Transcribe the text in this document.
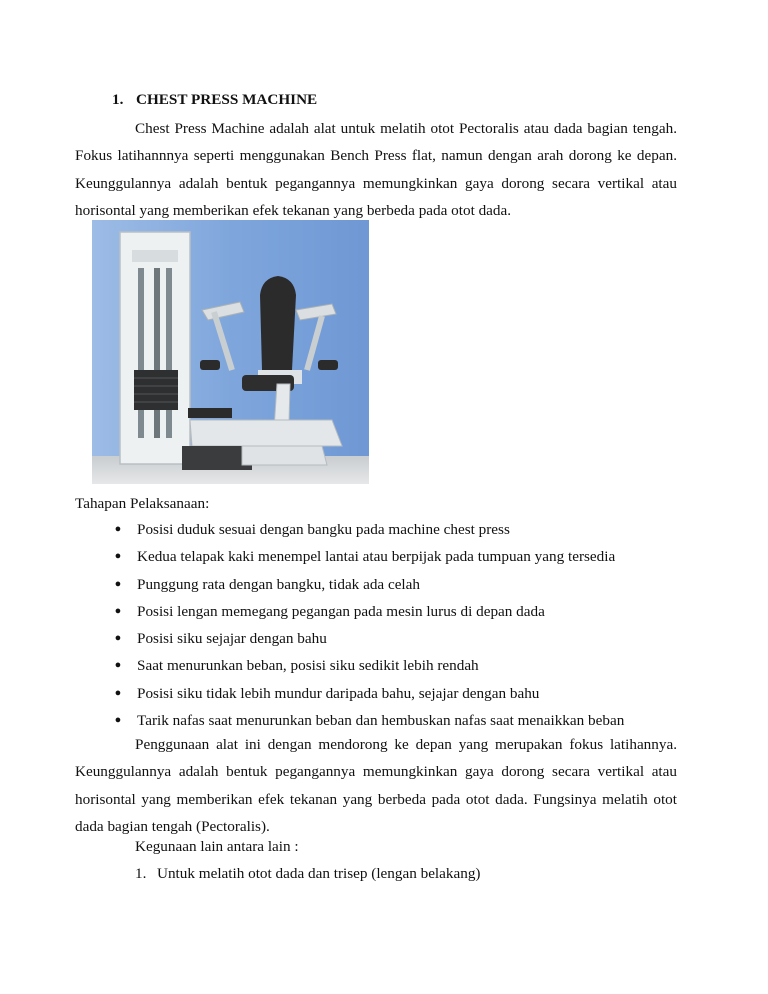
1. CHEST PRESS MACHINE

Chest Press Machine adalah alat untuk melatih otot Pectoralis atau dada bagian tengah. Fokus latihannnya seperti menggunakan Bench Press flat, namun dengan arah dorong ke depan. Keunggulannya adalah bentuk pegangannya memungkinkan gaya dorong secara vertikal atau horisontal yang memberikan efek tekanan yang berbeda pada otot dada.

Tahapan Pelaksanaan:
● Posisi duduk sesuai dengan bangku pada machine chest press
● Kedua telapak kaki menempel lantai atau berpijak pada tumpuan yang tersedia
● Punggung rata dengan bangku, tidak ada celah
● Posisi lengan memegang pegangan pada mesin lurus di depan dada
● Posisi siku sejajar dengan bahu
● Saat menurunkan beban, posisi siku sedikit lebih rendah
● Posisi siku tidak lebih mundur daripada bahu, sejajar dengan bahu
● Tarik nafas saat menurunkan beban dan hembuskan nafas saat menaikkan beban

Penggunaan alat ini dengan mendorong ke depan yang merupakan fokus latihannya. Keunggulannya adalah bentuk pegangannya memungkinkan gaya dorong secara vertikal atau horisontal yang memberikan efek tekanan yang berbeda pada otot dada. Fungsinya melatih otot dada bagian tengah (Pectoralis).

Kegunaan lain antara lain :
1. Untuk melatih otot dada dan trisep (lengan belakang)
